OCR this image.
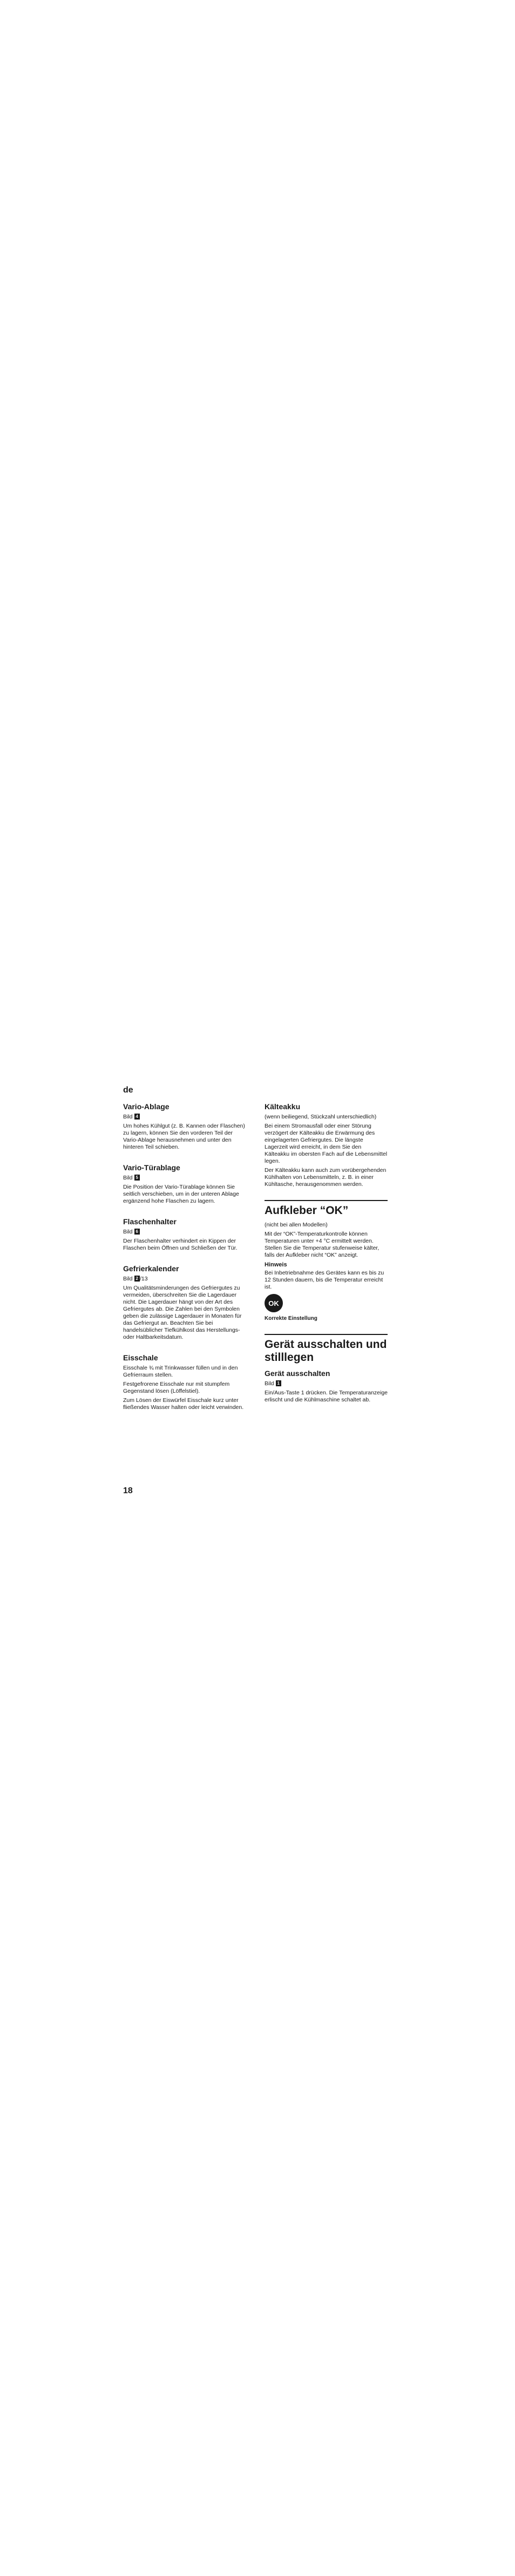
de
Vario-Ablage

Bild 4

Um hohes Kühlgut (z. B. Kannen oder Flaschen) zu lagern, können Sie den vorderen Teil der Vario-Ablage herausnehmen und unter den hinteren Teil schieben.

Vario-Türablage

Bild 5

Die Position der Vario-Türablage können Sie seitlich verschieben, um in der unteren Ablage ergänzend hohe Flaschen zu lagern.

Flaschenhalter

Bild 6

Der Flaschenhalter verhindert ein Kippen der Flaschen beim Öffnen und Schließen der Tür.

Gefrierkalender

Bild 2 /13

Um Qualitätsminderungen des Gefriergutes zu vermeiden, überschreiten Sie die Lagerdauer nicht. Die Lagerdauer hängt von der Art des Gefriergutes ab. Die Zahlen bei den Symbolen geben die zulässige Lagerdauer in Monaten für das Gefriergut an. Beachten Sie bei handelsüblicher Tiefkühlkost das Herstellungs- oder Haltbarkeitsdatum.

Eisschale

Eisschale ¾ mit Trinkwasser füllen und in den Gefrierraum stellen.

Festgefrorene Eisschale nur mit stumpfem Gegenstand lösen (Löffelstiel).

Zum Lösen der Eiswürfel Eisschale kurz unter fließendes Wasser halten oder leicht verwinden.

Kälteakku

(wenn beiliegend, Stückzahl unterschiedlich)

Bei einem Stromausfall oder einer Störung verzögert der Kälteakku die Erwärmung des eingelagerten Gefriergutes. Die längste Lagerzeit wird erreicht, in dem Sie den Kälteakku im obersten Fach auf die Lebensmittel legen.

Der Kälteakku kann auch zum vorübergehenden Kühlhalten von Lebensmitteln, z. B. in einer Kühltasche, herausgenommen werden.

Aufkleber “OK”

(nicht bei allen Modellen)

Mit der “OK”-Temperaturkontrolle können Temperaturen unter +4 °C ermittelt werden. Stellen Sie die Temperatur stufenweise kälter, falls der Aufkleber nicht “OK” anzeigt.

Hinweis

Bei Inbetriebnahme des Gerätes kann es bis zu 12 Stunden dauern, bis die Temperatur erreicht ist.

OK

Korrekte Einstellung

Gerät ausschalten und stilllegen
Gerät ausschalten

Bild 1

Ein/Aus-Taste 1 drücken. Die Temperaturanzeige erlischt und die Kühlmaschine schaltet ab.

18
